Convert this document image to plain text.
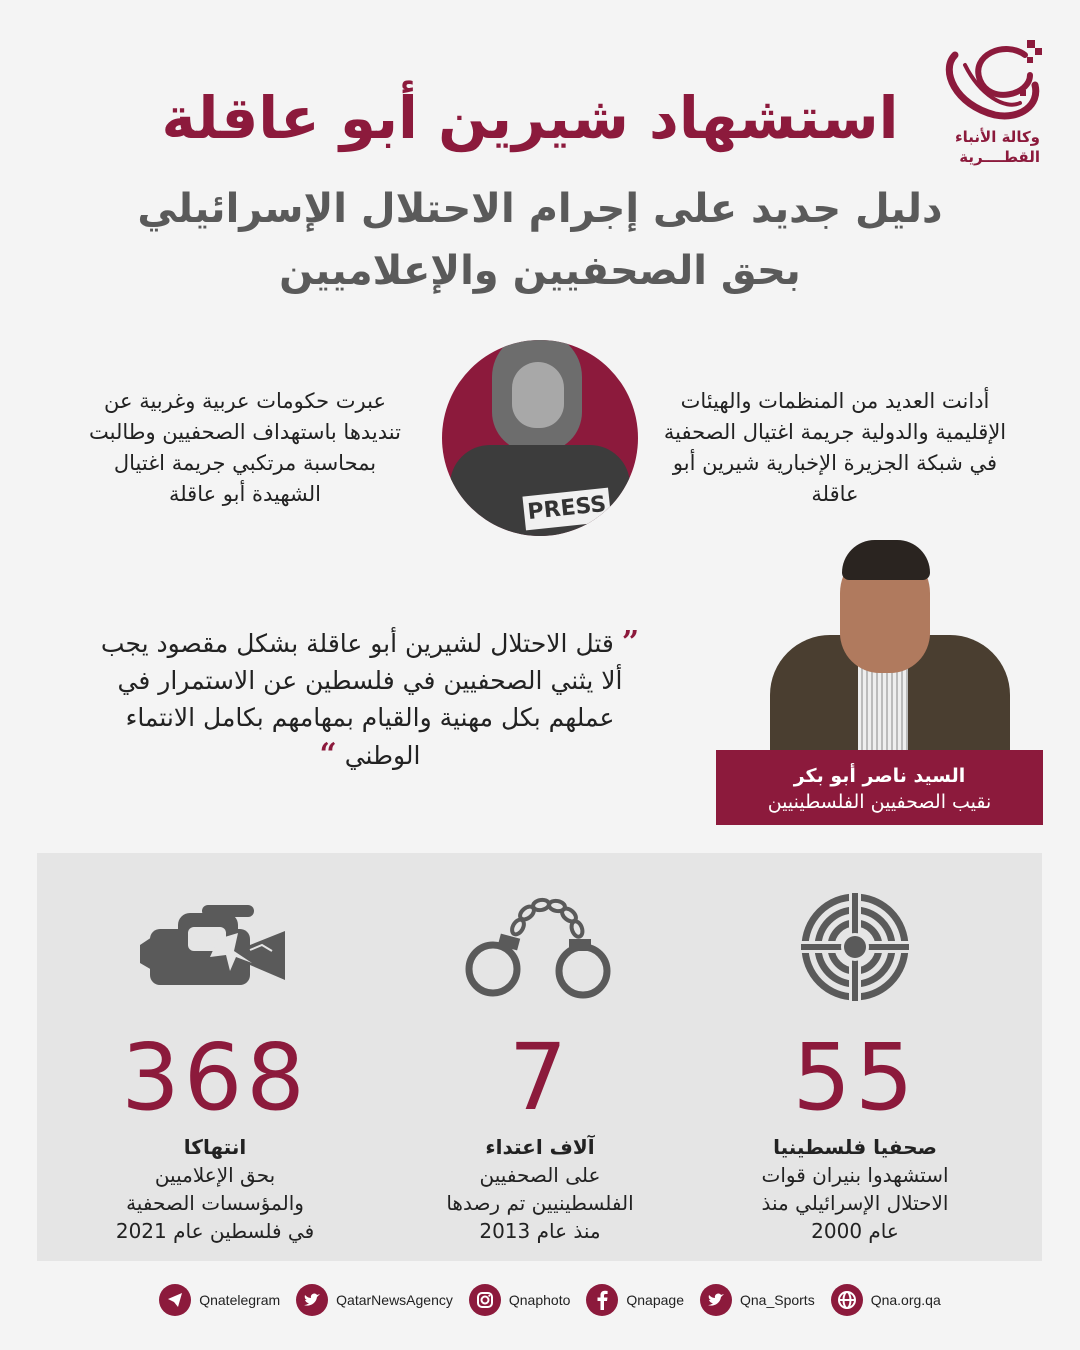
وكالة الأنباء
القطــــرية
استشهاد شيرين أبو عاقلة
دليل جديد على إجرام الاحتلال الإسرائيلي
بحق الصحفيين والإعلاميين

أدانت العديد من المنظمات والهيئات الإقليمية والدولية جريمة اغتيال الصحفية في شبكة الجزيرة الإخبارية شيرين أبو عاقلة

عبرت حكومات عربية وغربية عن تنديدها باستهداف الصحفيين وطالبت بمحاسبة مرتكبي جريمة اغتيال الشهيدة أبو عاقلة	PRESS
” قتل الاحتلال لشيرين أبو عاقلة بشكل مقصود يجب ألا يثني الصحفيين في فلسطين عن الاستمرار في عملهم بكل مهنية والقيام بمهامهم بكامل الانتماء الوطني “
السيد ناصر أبو بكر
نقيب الصحفيين الفلسطينيين
55
صحفيا فلسطينيا
استشهدوا بنيران قوات الاحتلال الإسرائيلي منذ عام 2000
7
آلاف اعتداء
على الصحفيين الفلسطينيين تم رصدها منذ عام 2013
368
انتهاكا
بحق الإعلاميين والمؤسسات الصحفية في فلسطين عام 2021
Qnatelegram	QatarNewsAgency	Qnaphoto	Qnapage	Qna_Sports	Qna.org.qa
